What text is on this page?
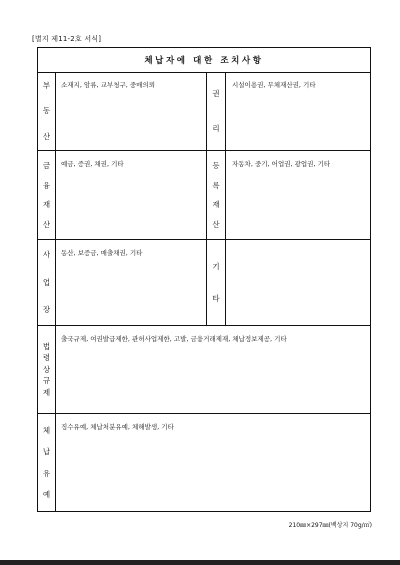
[별지 제11-2호 서식]
체납자에 대한 조치사항
부
동
산
소재지, 암류, 교부청구, 중매의뢰
권
리
시설이용권, 무체재산권, 기타
금
융
재
산
예금, 증권, 채권, 기타	등
록
재
산
자동차, 중기, 어업권, 광업권, 기타
사
업
장
동산, 보증금, 매출채권, 기타
기
타
법
령
상
규
제
출국규제, 여권발급제한, 관허사업제한, 고발, 금융거래제재, 체납정보제공, 기타
체
납
유
예
징수유예, 체납처분유예, 체해발생, 기타
210㎜×297㎜(백상지 70g/㎡)
